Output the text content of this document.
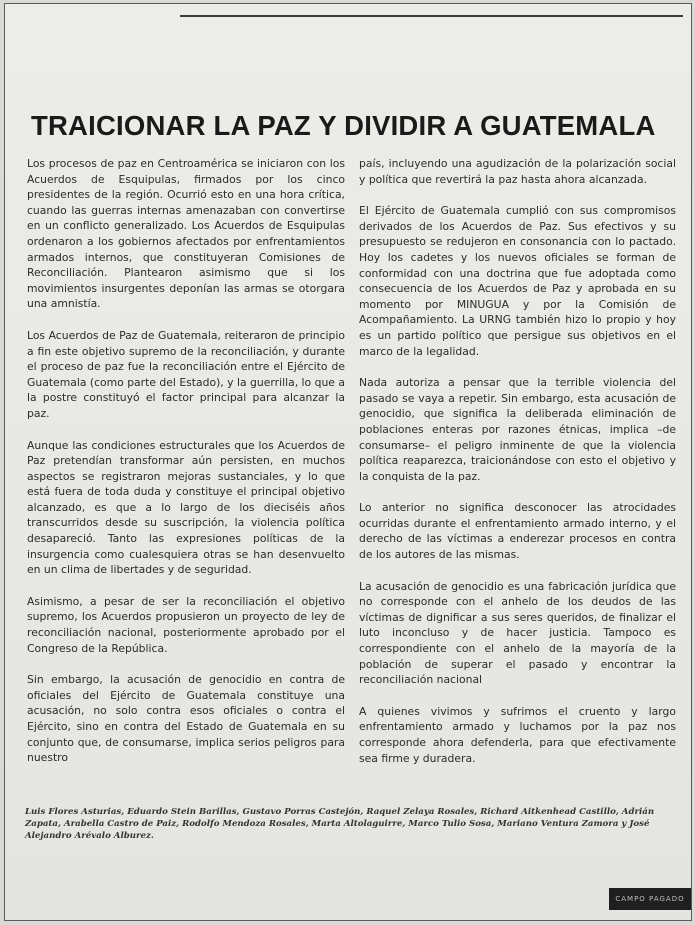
TRAICIONAR LA PAZ Y DIVIDIR A GUATEMALA

Los procesos de paz en Centroamérica se iniciaron con los Acuerdos de Esquipulas, firmados por los cinco presidentes de la región. Ocurrió esto en una hora crítica, cuando las guerras internas amenazaban con convertirse en un conflicto generalizado. Los Acuerdos de Esquipulas ordenaron a los gobiernos afectados por enfrentamientos armados internos, que constituyeran Comisiones de Reconciliación. Plantearon asimismo que si los movimientos insurgentes deponían las armas se otorgara una amnistía.

Los Acuerdos de Paz de Guatemala, reiteraron de principio a fin este objetivo supremo de la reconciliación, y durante el proceso de paz fue la reconciliación entre el Ejército de Guatemala (como parte del Estado), y la guerrilla, lo que a la postre constituyó el factor principal para alcanzar la paz.

Aunque las condiciones estructurales que los Acuerdos de Paz pretendían transformar aún persisten, en muchos aspectos se registraron mejoras sustanciales, y lo que está fuera de toda duda y constituye el principal objetivo alcanzado, es que a lo largo de los dieciséis años transcurridos desde su suscripción, la violencia política desapareció. Tanto las expresiones políticas de la insurgencia como cualesquiera otras se han desenvuelto en un clima de libertades y de seguridad.

Asimismo, a pesar de ser la reconciliación el objetivo supremo, los Acuerdos propusieron un proyecto de ley de reconciliación nacional, posteriormente aprobado por el Congreso de la República.

Sin embargo, la acusación de genocidio en contra de oficiales del Ejército de Guatemala constituye una acusación, no solo contra esos oficiales o contra el Ejército, sino en contra del Estado de Guatemala en su conjunto que, de consumarse, implica serios peligros para nuestro

país, incluyendo una agudización de la polarización social y política que revertirá la paz hasta ahora alcanzada.

El Ejército de Guatemala cumplió con sus compromisos derivados de los Acuerdos de Paz. Sus efectivos y su presupuesto se redujeron en consonancia con lo pactado. Hoy los cadetes y los nuevos oficiales se forman de conformidad con una doctrina que fue adoptada como consecuencia de los Acuerdos de Paz y aprobada en su momento por MINUGUA y por la Comisión de Acompañamiento. La URNG también hizo lo propio y hoy es un partido político que persigue sus objetivos en el marco de la legalidad.

Nada autoriza a pensar que la terrible violencia del pasado se vaya a repetir. Sin embargo, esta acusación de genocidio, que significa la deliberada eliminación de poblaciones enteras por razones étnicas, implica –de consumarse– el peligro inminente de que la violencia política reaparezca, traicionándose con esto el objetivo y la conquista de la paz.

Lo anterior no significa desconocer las atrocidades ocurridas durante el enfrentamiento armado interno, y el derecho de las víctimas a enderezar procesos en contra de los autores de las mismas.

La acusación de genocidio es una fabricación jurídica que no corresponde con el anhelo de los deudos de las víctimas de dignificar a sus seres queridos, de finalizar el luto inconcluso y de hacer justicia. Tampoco es correspondiente con el anhelo de la mayoría de la población de superar el pasado y encontrar la reconciliación nacional

A quienes vivimos y sufrimos el cruento y largo enfrentamiento armado y luchamos por la paz nos corresponde ahora defenderla, para que efectivamente sea firme y duradera.

Luis Flores Asturias, Eduardo Stein Barillas, Gustavo Porras Castejón, Raquel Zelaya Rosales, Richard Aitkenhead Castillo, Adrián Zapata, Arabella Castro de Paiz, Rodolfo Mendoza Rosales, Marta Altolaguirre, Marco Tulio Sosa, Mariano Ventura Zamora y José Alejandro Arévalo Alburez.
CAMPO PAGADO
